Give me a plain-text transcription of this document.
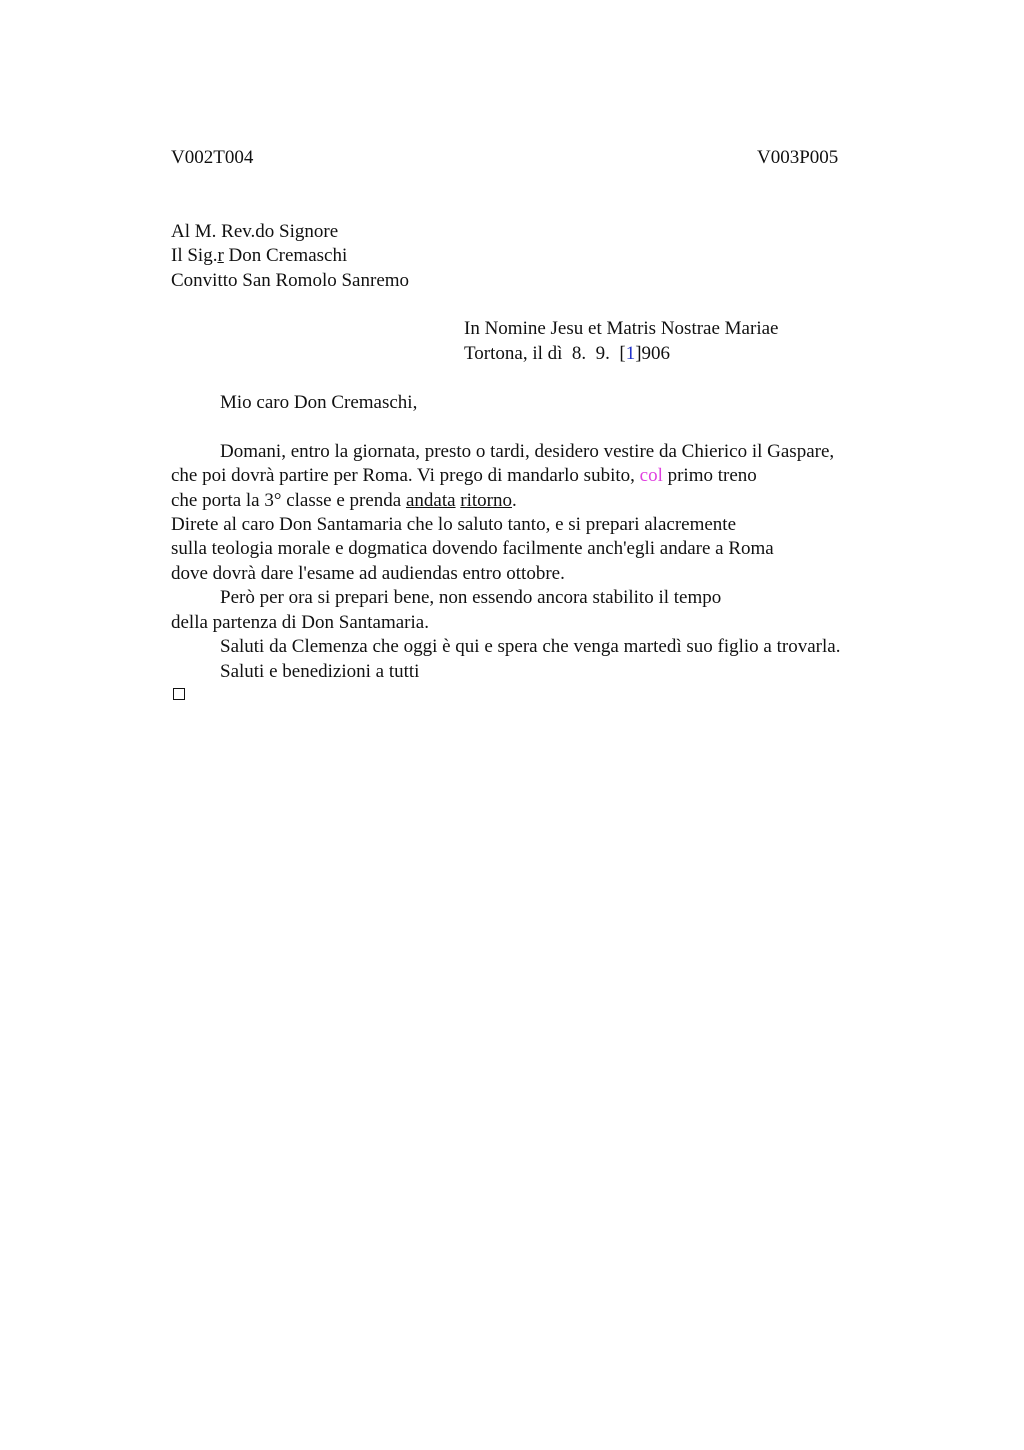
V002T004	V003P005
Al M. Rev.do Signore
Il Sig.r Don Cremaschi
Convitto San Romolo Sanremo
In Nomine Jesu et Matris Nostrae Mariae
Tortona, il dì  8.  9.  [1]906
Mio caro Don Cremaschi,
Domani, entro la giornata, presto o tardi, desidero vestire da Chierico il Gaspare,
che poi dovrà partire per Roma. Vi prego di mandarlo subito, col primo treno
che porta la 3° classe e prenda andata ritorno.
Direte al caro Don Santamaria che lo saluto tanto, e si prepari alacremente
sulla teologia morale e dogmatica dovendo facilmente anch'egli andare a Roma
dove dovrà dare l'esame ad audiendas entro ottobre.
Però per ora si prepari bene, non essendo ancora stabilito il tempo
della partenza di Don Santamaria.
Saluti da Clemenza che oggi è qui e spera che venga martedì suo figlio a trovarla.
Saluti e benedizioni a tutti
